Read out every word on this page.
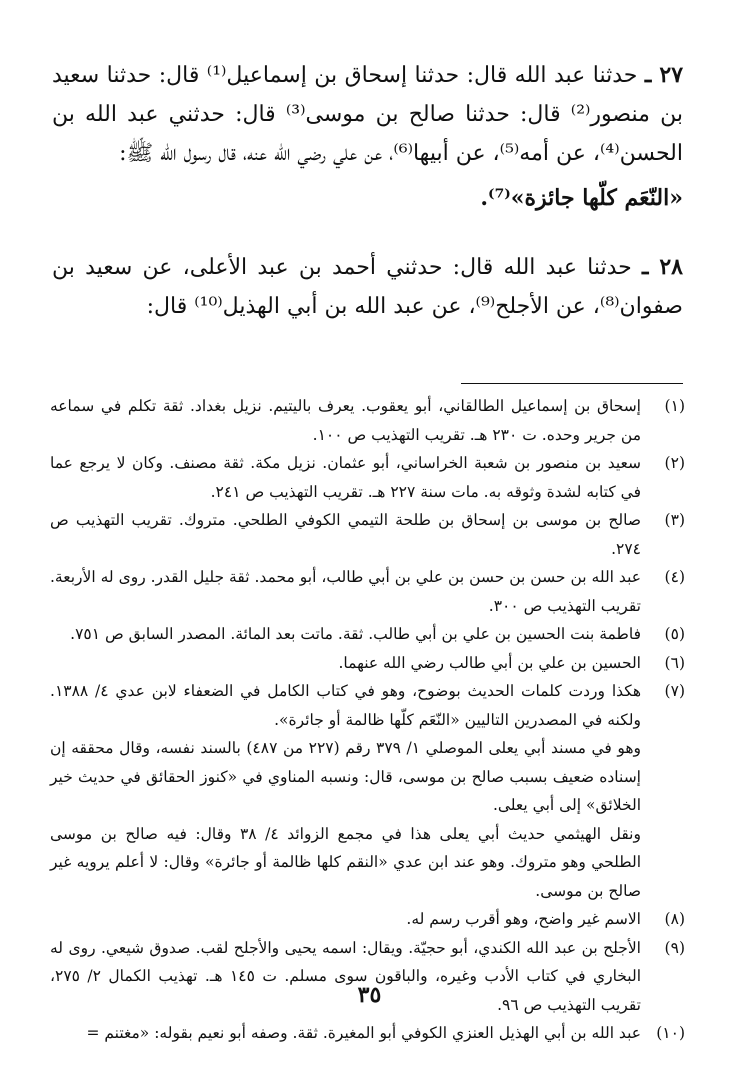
٢٧ ـ حدثنا عبد الله قال: حدثنا إسحاق بن إسماعيل⁽¹⁾ قال: حدثنا سعيد بن منصور⁽²⁾ قال: حدثنا صالح بن موسى⁽³⁾ قال: حدثني عبد الله بن الحسن⁽⁴⁾، عن أمه⁽⁵⁾، عن أبيها⁽⁶⁾، عن علي رضي الله عنه، قال رسول الله ﷺ:

«النّعَم كلّها جائزة»⁽⁷⁾.

٢٨ ـ حدثنا عبد الله قال: حدثني أحمد بن عبد الأعلى، عن سعيد بن صفوان⁽⁸⁾، عن الأجلح⁽⁹⁾، عن عبد الله بن أبي الهذيل⁽¹⁰⁾ قال:

(١)
إسحاق بن إسماعيل الطالقاني، أبو يعقوب. يعرف باليتيم. نزيل بغداد. ثقة تكلم في سماعه من جرير وحده. ت ٢٣٠ هـ. تقريب التهذيب ص ١٠٠.
(٢)
سعيد بن منصور بن شعبة الخراساني، أبو عثمان. نزيل مكة. ثقة مصنف. وكان لا يرجع عما في كتابه لشدة وثوقه به. مات سنة ٢٢٧ هـ. تقريب التهذيب ص ٢٤١.
(٣)
صالح بن موسى بن إسحاق بن طلحة التيمي الكوفي الطلحي. متروك. تقريب التهذيب ص ٢٧٤.
(٤)
عبد الله بن حسن بن حسن بن علي بن أبي طالب، أبو محمد. ثقة جليل القدر. روى له الأربعة. تقريب التهذيب ص ٣٠٠.
(٥)
فاطمة بنت الحسين بن علي بن أبي طالب. ثقة. ماتت بعد المائة. المصدر السابق ص ٧٥١.
(٦)
الحسين بن علي بن أبي طالب رضي الله عنهما.
(٧)
هكذا وردت كلمات الحديث بوضوح، وهو في كتاب الكامل في الضعفاء لابن عدي ٤/ ١٣٨٨. ولكنه في المصدرين التاليين «النّعَم كلّها ظالمة أو جائرة».
وهو في مسند أبي يعلى الموصلي ١/ ٣٧٩ رقم (٢٢٧ من ٤٨٧) بالسند نفسه، وقال محققه إن إسناده ضعيف بسبب صالح بن موسى، قال: ونسبه المناوي في «كنوز الحقائق في حديث خير الخلائق» إلى أبي يعلى.
ونقل الهيثمي حديث أبي يعلى هذا في مجمع الزوائد ٤/ ٣٨ وقال: فيه صالح بن موسى الطلحي وهو متروك. وهو عند ابن عدي «النقم كلها ظالمة أو جائرة» وقال: لا أعلم يرويه غير صالح بن موسى.
(٨)
الاسم غير واضح، وهو أقرب رسم له.
(٩)
الأجلح بن عبد الله الكندي، أبو حجيّة. ويقال: اسمه يحيى والأجلح لقب. صدوق شيعي. روى له البخاري في كتاب الأدب وغيره، والباقون سوى مسلم. ت ١٤٥ هـ. تهذيب الكمال ٢/ ٢٧٥، تقريب التهذيب ص ٩٦.
(١٠)
عبد الله بن أبي الهذيل العنزي الكوفي أبو المغيرة. ثقة. وصفه أبو نعيم بقوله: «مغتنم =
٣٥
